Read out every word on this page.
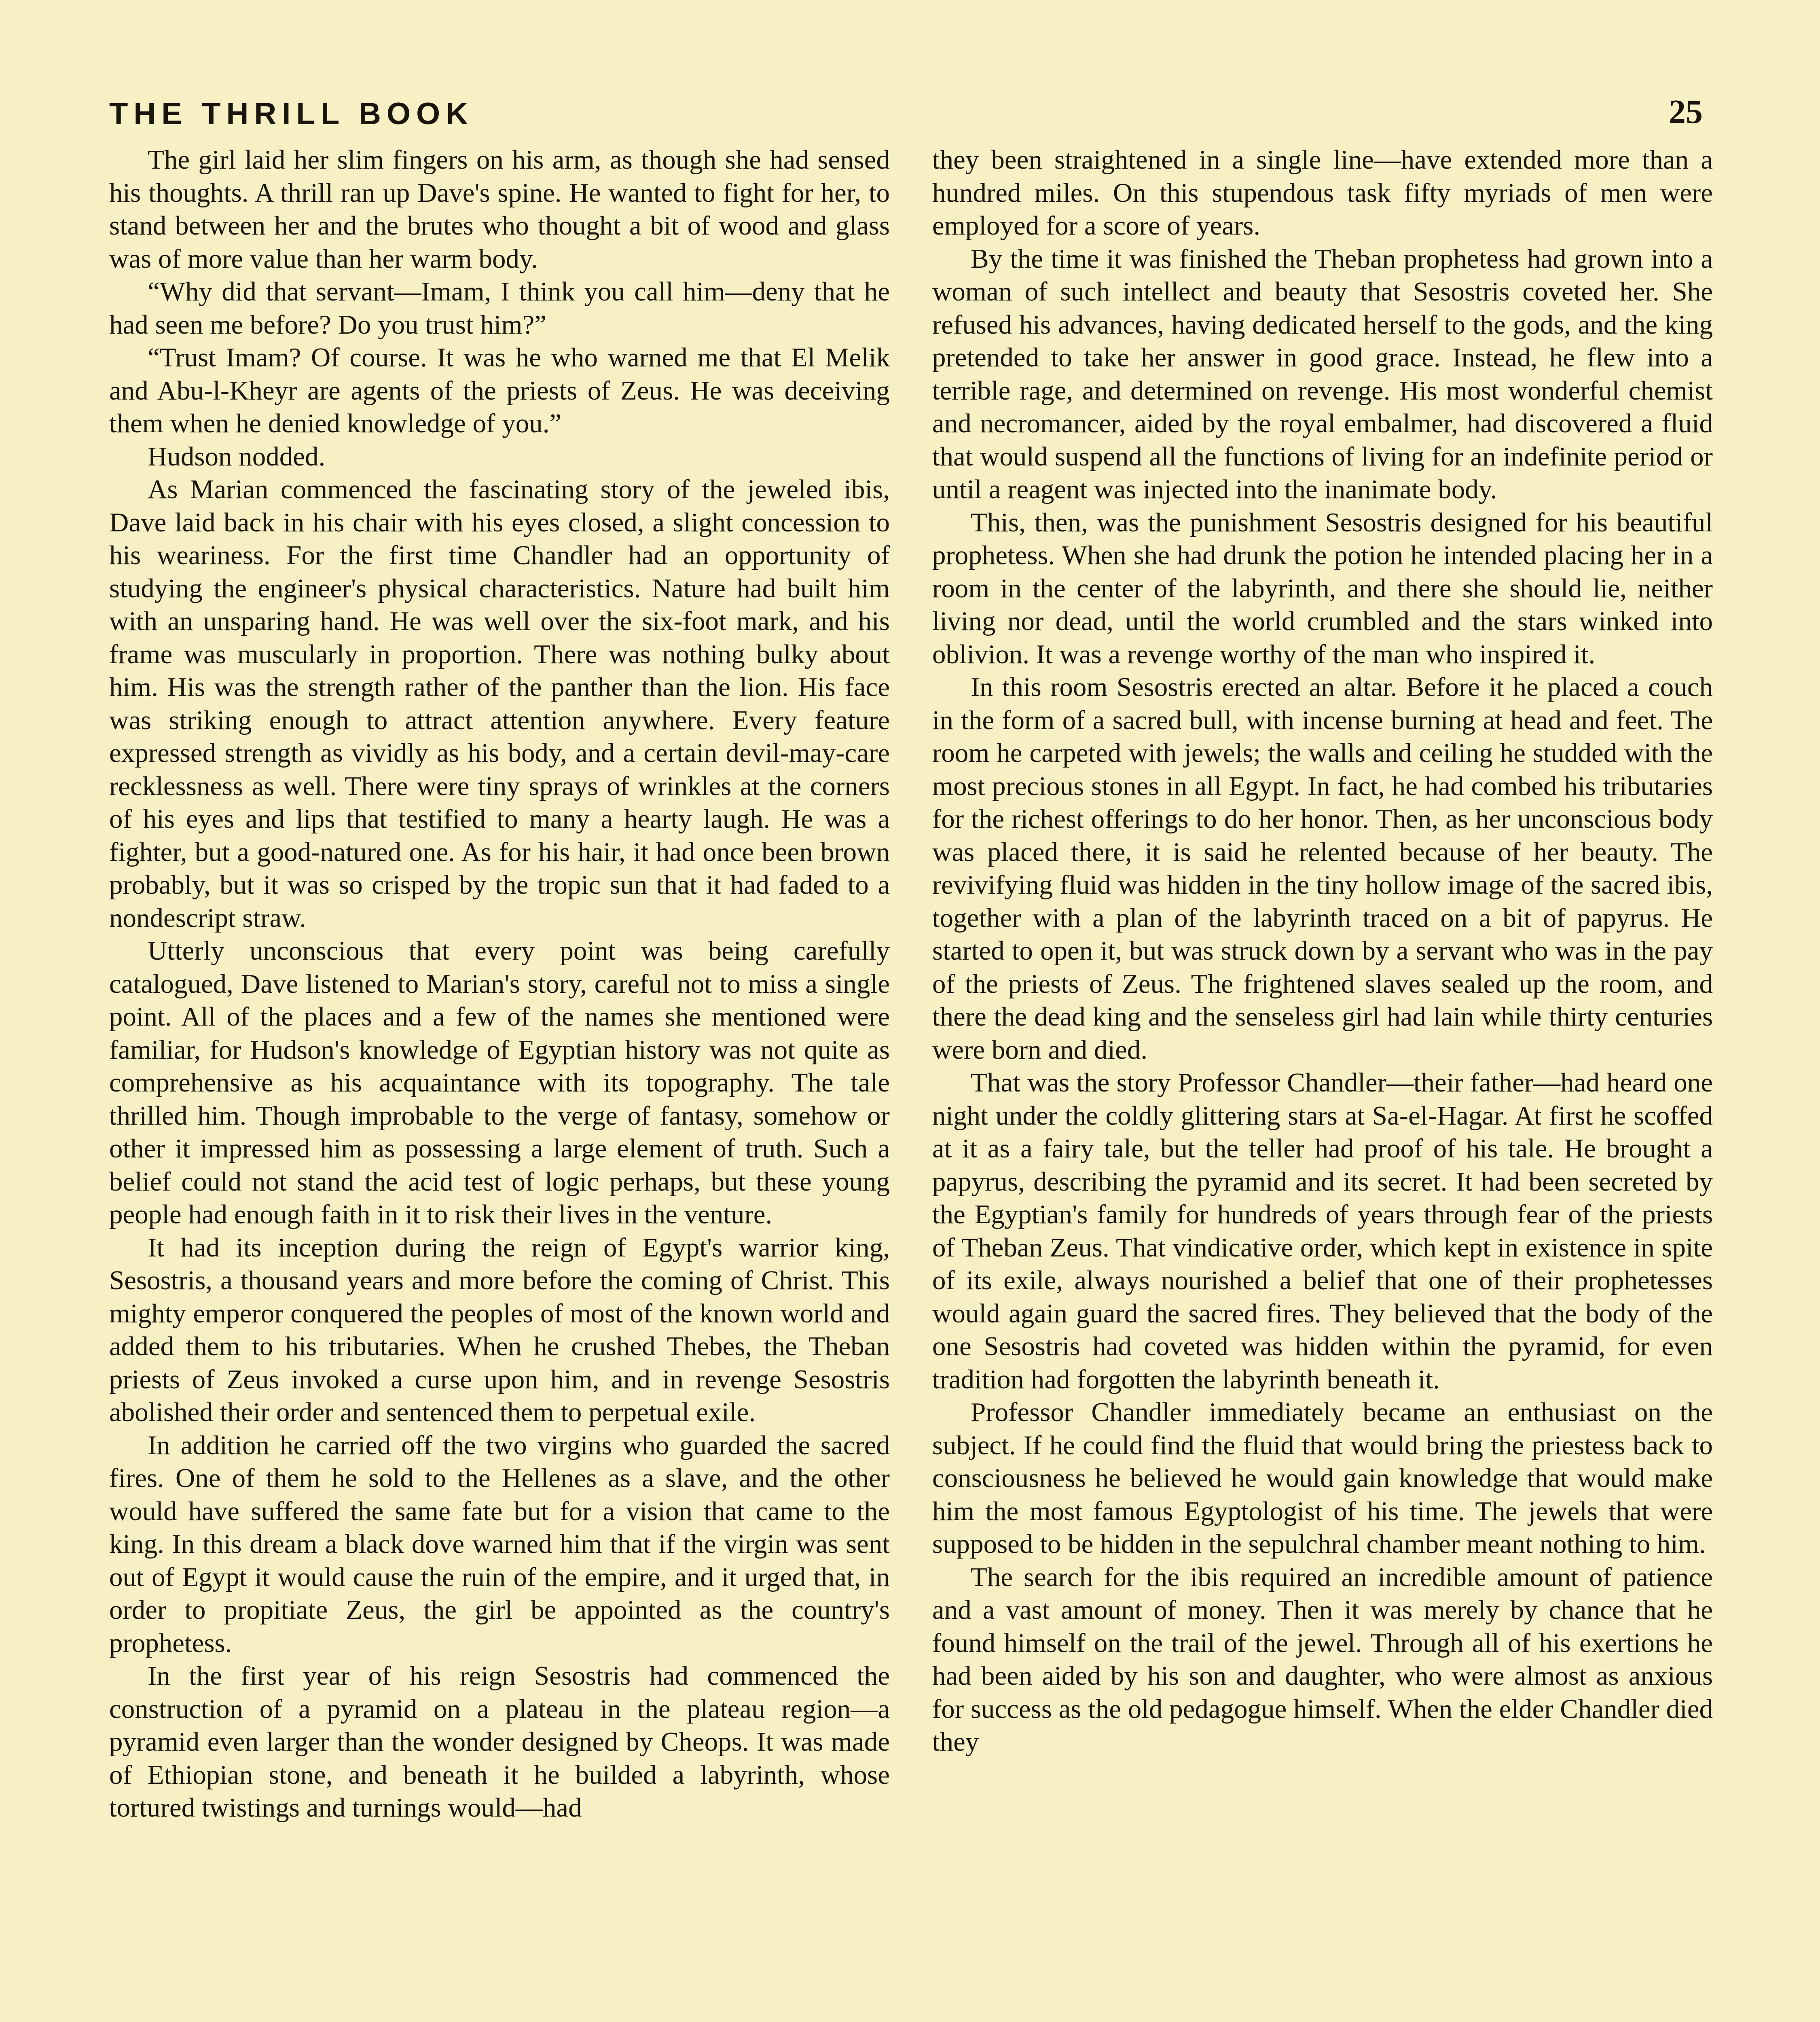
THE THRILL BOOK	25

The girl laid her slim fingers on his arm, as though she had sensed his thoughts. A thrill ran up Dave's spine. He wanted to fight for her, to stand between her and the brutes who thought a bit of wood and glass was of more value than her warm body.

“Why did that servant—Imam, I think you call him—deny that he had seen me before? Do you trust him?”

“Trust Imam? Of course. It was he who warned me that El Melik and Abu-l-Kheyr are agents of the priests of Zeus. He was deceiving them when he denied knowledge of you.”

Hudson nodded.

As Marian commenced the fascinating story of the jeweled ibis, Dave laid back in his chair with his eyes closed, a slight concession to his weariness. For the first time Chandler had an opportunity of studying the engineer's physical characteristics. Nature had built him with an unsparing hand. He was well over the six-foot mark, and his frame was muscularly in proportion. There was nothing bulky about him. His was the strength rather of the panther than the lion. His face was striking enough to attract attention anywhere. Every feature expressed strength as vividly as his body, and a certain devil-may-care recklessness as well. There were tiny sprays of wrinkles at the corners of his eyes and lips that testified to many a hearty laugh. He was a fighter, but a good-natured one. As for his hair, it had once been brown probably, but it was so crisped by the tropic sun that it had faded to a nondescript straw.

Utterly unconscious that every point was being carefully catalogued, Dave listened to Marian's story, careful not to miss a single point. All of the places and a few of the names she mentioned were familiar, for Hudson's knowledge of Egyptian history was not quite as comprehensive as his acquaintance with its topography. The tale thrilled him. Though improbable to the verge of fantasy, somehow or other it impressed him as possessing a large element of truth. Such a belief could not stand the acid test of logic perhaps, but these young people had enough faith in it to risk their lives in the venture.

It had its inception during the reign of Egypt's warrior king, Sesostris, a thousand years and more before the coming of Christ. This mighty emperor conquered the peoples of most of the known world and added them to his tributaries. When he crushed Thebes, the Theban priests of Zeus invoked a curse upon him, and in revenge Sesostris abolished their order and sentenced them to perpetual exile.

In addition he carried off the two virgins who guarded the sacred fires. One of them he sold to the Hellenes as a slave, and the other would have suffered the same fate but for a vision that came to the king. In this dream a black dove warned him that if the virgin was sent out of Egypt it would cause the ruin of the empire, and it urged that, in order to propitiate Zeus, the girl be appointed as the country's prophetess.

In the first year of his reign Sesostris had commenced the construction of a pyramid on a plateau in the plateau region—a pyramid even larger than the wonder designed by Cheops. It was made of Ethiopian stone, and beneath it he builded a labyrinth, whose tortured twistings and turnings would—had

they been straightened in a single line—have extended more than a hundred miles. On this stupendous task fifty myriads of men were employed for a score of years.

By the time it was finished the Theban prophetess had grown into a woman of such intellect and beauty that Sesostris coveted her. She refused his advances, having dedicated herself to the gods, and the king pretended to take her answer in good grace. Instead, he flew into a terrible rage, and determined on revenge. His most wonderful chemist and necromancer, aided by the royal embalmer, had discovered a fluid that would suspend all the functions of living for an indefinite period or until a reagent was injected into the inanimate body.

This, then, was the punishment Sesostris designed for his beautiful prophetess. When she had drunk the potion he intended placing her in a room in the center of the labyrinth, and there she should lie, neither living nor dead, until the world crumbled and the stars winked into oblivion. It was a revenge worthy of the man who inspired it.

In this room Sesostris erected an altar. Before it he placed a couch in the form of a sacred bull, with incense burning at head and feet. The room he carpeted with jewels; the walls and ceiling he studded with the most precious stones in all Egypt. In fact, he had combed his tributaries for the richest offerings to do her honor. Then, as her unconscious body was placed there, it is said he relented because of her beauty. The revivifying fluid was hidden in the tiny hollow image of the sacred ibis, together with a plan of the labyrinth traced on a bit of papyrus. He started to open it, but was struck down by a servant who was in the pay of the priests of Zeus. The frightened slaves sealed up the room, and there the dead king and the senseless girl had lain while thirty centuries were born and died.

That was the story Professor Chandler—their father—had heard one night under the coldly glittering stars at Sa-el-Hagar. At first he scoffed at it as a fairy tale, but the teller had proof of his tale. He brought a papyrus, describing the pyramid and its secret. It had been secreted by the Egyptian's family for hundreds of years through fear of the priests of Theban Zeus. That vindicative order, which kept in existence in spite of its exile, always nourished a belief that one of their prophetesses would again guard the sacred fires. They believed that the body of the one Sesostris had coveted was hidden within the pyramid, for even tradition had forgotten the labyrinth beneath it.

Professor Chandler immediately became an enthusiast on the subject. If he could find the fluid that would bring the priestess back to consciousness he believed he would gain knowledge that would make him the most famous Egyptologist of his time. The jewels that were supposed to be hidden in the sepulchral chamber meant nothing to him.

The search for the ibis required an incredible amount of patience and a vast amount of money. Then it was merely by chance that he found himself on the trail of the jewel. Through all of his exertions he had been aided by his son and daughter, who were almost as anxious for success as the old pedagogue himself. When the elder Chandler died they
